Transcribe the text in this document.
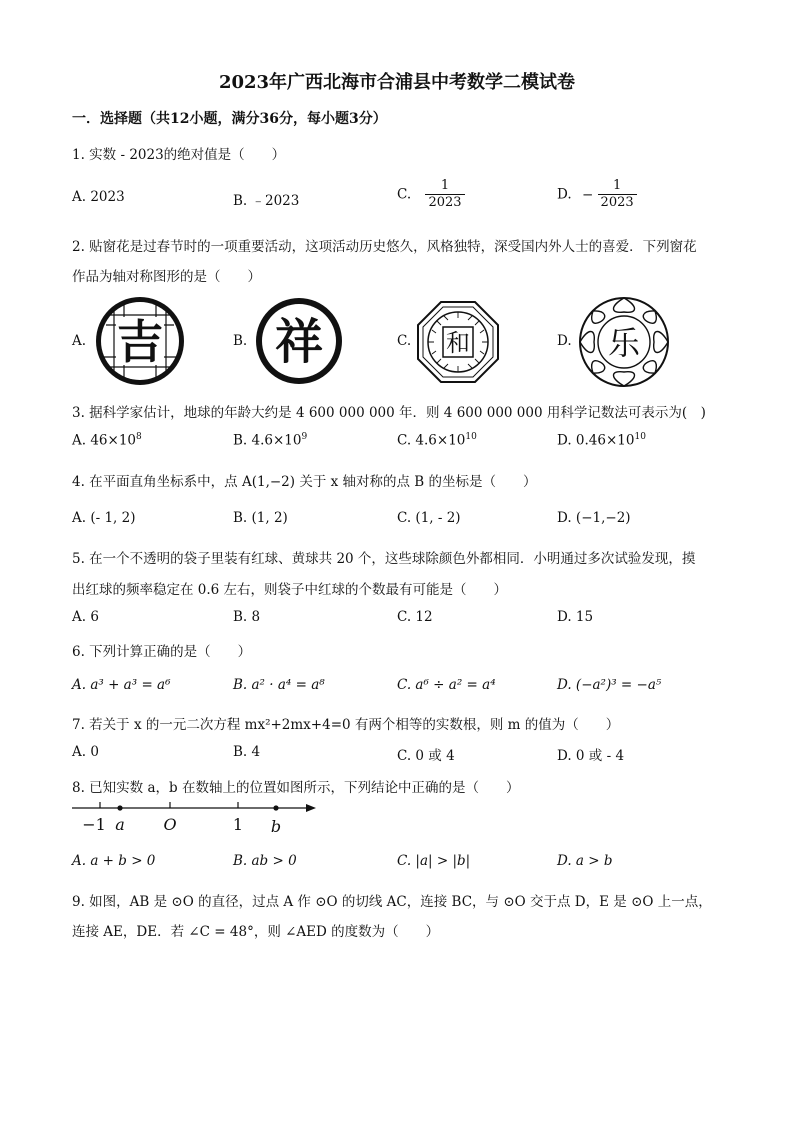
2023年广西北海市合浦县中考数学二模试卷
一．选择题（共12小题，满分36分，每小题3分）
1. 实数 - 2023的绝对值是（　　）
A. 2023	B. ﹣2023	C. $\frac{1}{2023}$	D. − $\frac{1}{2023}$
2. 贴窗花是过春节时的一项重要活动，这项活动历史悠久，风格独特，深受国内外人士的喜爱．下列窗花
作品为轴对称图形的是（　　）
A. 吉	B. 祥	C. 和	D. 乐
3. 据科学家估计，地球的年龄大约是 4 600 000 000 年．则 4 600 000 000 用科学记数法可表示为(　)
A. $46\times 10^8$	B. $4.6\times 10^9$	C. $4.6\times 10^{10}$	D. $0.46\times 10^{10}$
4. 在平面直角坐标系中，点 A(1,−2) 关于 x 轴对称的点 B 的坐标是（　　）
A. (- 1, 2)	B. (1, 2)	C. (1, - 2)	D. (−1,−2)
5. 在一个不透明的袋子里装有红球、黄球共 20 个，这些球除颜色外都相同．小明通过多次试验发现，摸
出红球的频率稳定在 0.6 左右，则袋子中红球的个数最有可能是（　　）
A. 6	B. 8	C. 12	D. 15
6. 下列计算正确的是（　　）
A. a³ + a³ = a⁶	B. a² · a⁴ = a⁸	C. a⁶ ÷ a² = a⁴	D. (−a²)³ = −a⁵
7. 若关于 x 的一元二次方程 mx²+2mx+4=0 有两个相等的实数根，则 m 的值为（　　）
A. 0	B. 4	C. 0 或 4	D. 0 或 - 4
8. 已知实数 a，b 在数轴上的位置如图所示，下列结论中正确的是（　　）
−1 a O	1 b
A. a + b > 0	B. ab > 0	C. |a| > |b|	D. a > b
9. 如图，AB 是 ⊙O 的直径，过点 A 作 ⊙O 的切线 AC，连接 BC，与 ⊙O 交于点 D，E 是 ⊙O 上一点，
连接 AE，DE．若 ∠C = 48°，则 ∠AED 的度数为（　　）
